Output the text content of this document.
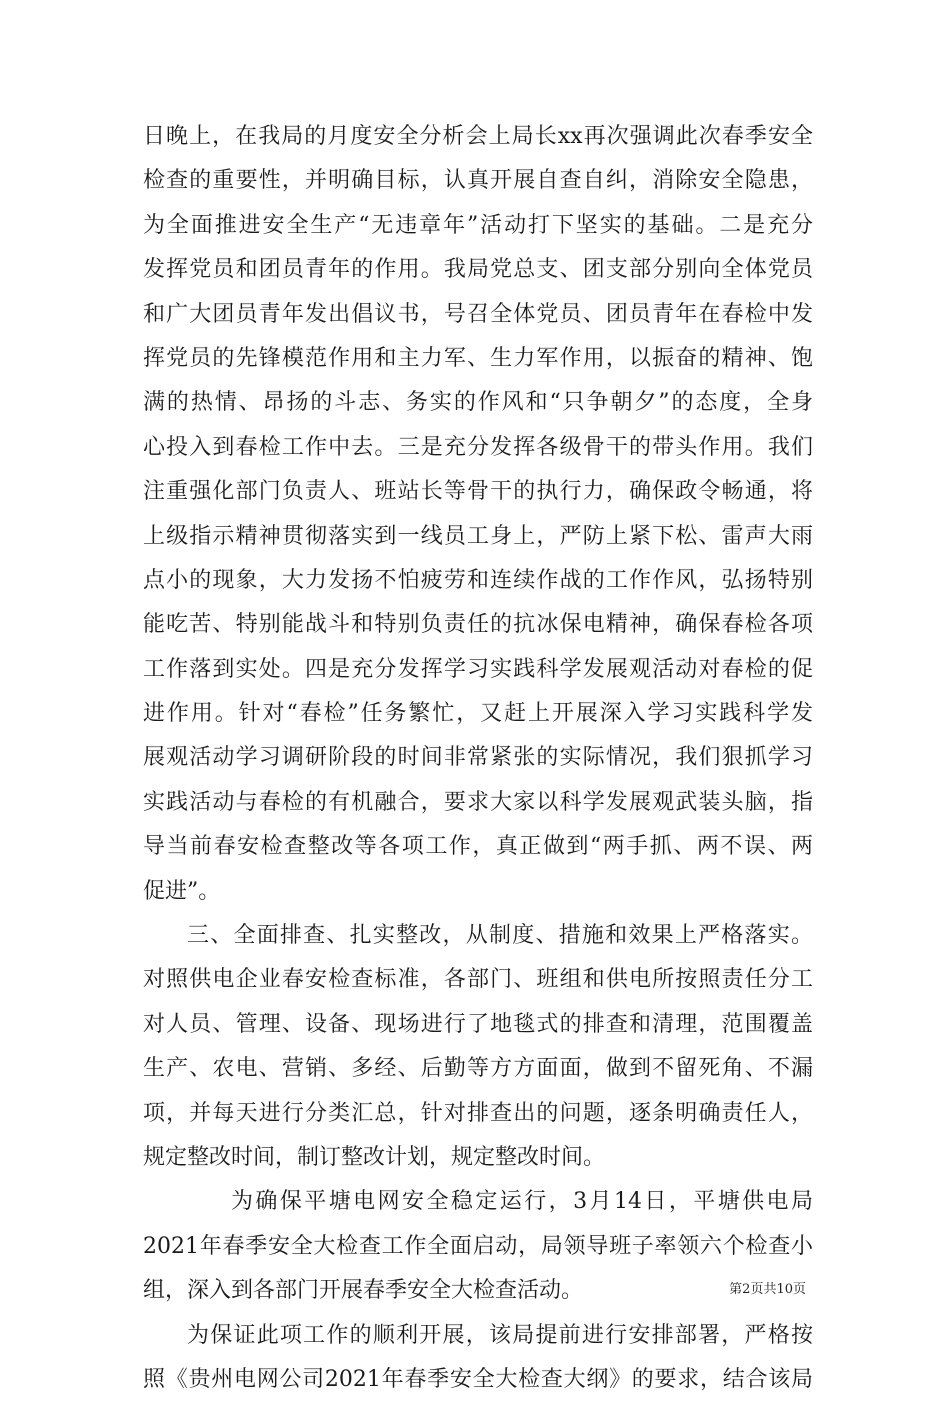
日晚上，在我局的月度安全分析会上局长xx再次强调此次春季安全

检查的重要性，并明确目标，认真开展自查自纠，消除安全隐患，

为全面推进安全生产“无违章年”活动打下坚实的基础。二是充分

发挥党员和团员青年的作用。我局党总支、团支部分别向全体党员

和广大团员青年发出倡议书，号召全体党员、团员青年在春检中发

挥党员的先锋模范作用和主力军、生力军作用，以振奋的精神、饱

满的热情、昂扬的斗志、务实的作风和“只争朝夕”的态度，全身

心投入到春检工作中去。三是充分发挥各级骨干的带头作用。我们

注重强化部门负责人、班站长等骨干的执行力，确保政令畅通，将

上级指示精神贯彻落实到一线员工身上，严防上紧下松、雷声大雨

点小的现象，大力发扬不怕疲劳和连续作战的工作作风，弘扬特别

能吃苦、特别能战斗和特别负责任的抗冰保电精神，确保春检各项

工作落到实处。四是充分发挥学习实践科学发展观活动对春检的促

进作用。针对“春检”任务繁忙，又赶上开展深入学习实践科学发

展观活动学习调研阶段的时间非常紧张的实际情况，我们狠抓学习

实践活动与春检的有机融合，要求大家以科学发展观武装头脑，指

导当前春安检查整改等各项工作，真正做到“两手抓、两不误、两

促进”。

三、全面排查、扎实整改，从制度、措施和效果上严格落实。

对照供电企业春安检查标准，各部门、班组和供电所按照责任分工

对人员、管理、设备、现场进行了地毯式的排查和清理，范围覆盖

生产、农电、营销、多经、后勤等方方面面，做到不留死角、不漏

项，并每天进行分类汇总，针对排查出的问题，逐条明确责任人，

规定整改时间，制订整改计划，规定整改时间。

为确保平塘电网安全稳定运行，3月14日，平塘供电局

2021年春季安全大检查工作全面启动，局领导班子率领六个检查小

组，深入到各部门开展春季安全大检查活动。

为保证此项工作的顺利开展，该局提前进行安排部署，严格按

照《贵州电网公司2021年春季安全大检查大纲》的要求，结合该局

第2页共10页
